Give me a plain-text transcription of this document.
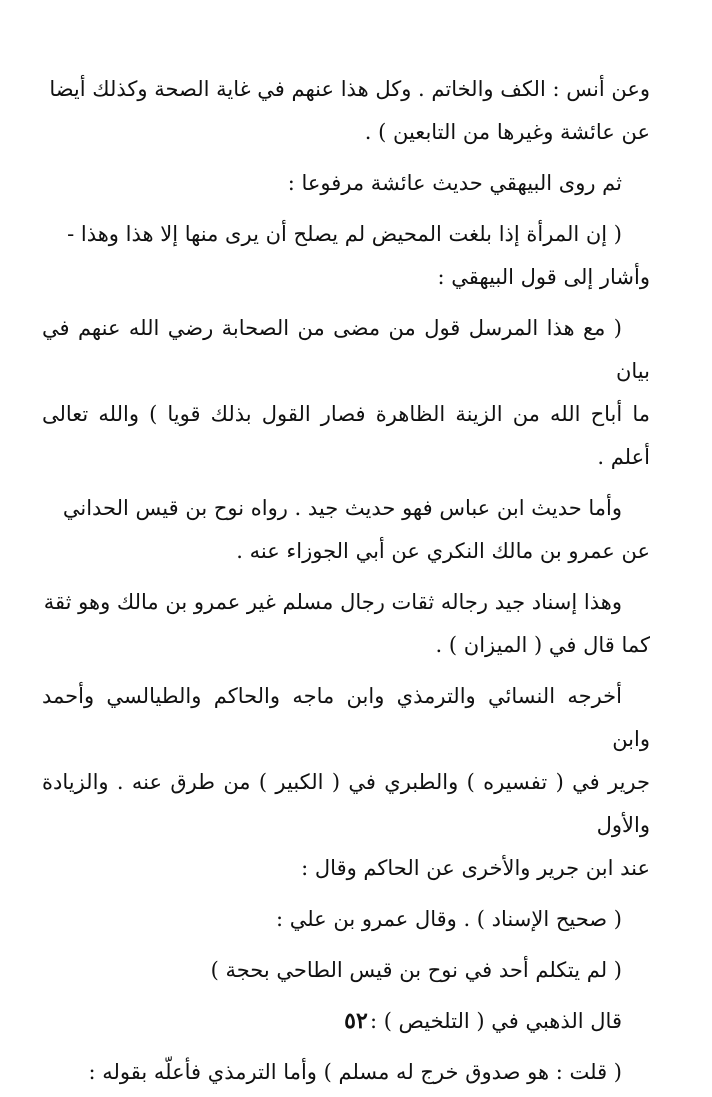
وعن أنس : الكف والخاتم . وكل هذا عنهم في غاية الصحة وكذلك أيضا
عن عائشة وغيرها من التابعين ) .

ثم روى البيهقي حديث عائشة مرفوعا :

( إن المرأة إذا بلغت المحيض لم يصلح أن يرى منها إلا هذا وهذا -
وأشار إلى قول البيهقي :

( مع هذا المرسل قول من مضى من الصحابة رضي الله عنهم في بيان
ما أباح الله من الزينة الظاهرة فصار القول بذلك قويا ) والله تعالى أعلم .

وأما حديث ابن عباس فهو حديث جيد . رواه نوح بن قيس الحداني
عن عمرو بن مالك النكري عن أبي الجوزاء عنه .

وهذا إسناد جيد رجاله ثقات رجال مسلم غير عمرو بن مالك وهو ثقة
كما قال في ( الميزان ) .

أخرجه النسائي والترمذي وابن ماجه والحاكم والطيالسي وأحمد وابن
جرير في ( تفسيره ) والطبري في ( الكبير ) من طرق عنه . والزيادة والأول
عند ابن جرير والأخرى عن الحاكم وقال :

( صحيح الإسناد ) . وقال عمرو بن علي :

( لم يتكلم أحد في نوح بن قيس الطاحي بحجة )

قال الذهبي في ( التلخيص ) :

( قلت : هو صدوق خرج له مسلم ) وأما الترمذي فأعلّه بقوله :

٥٢
